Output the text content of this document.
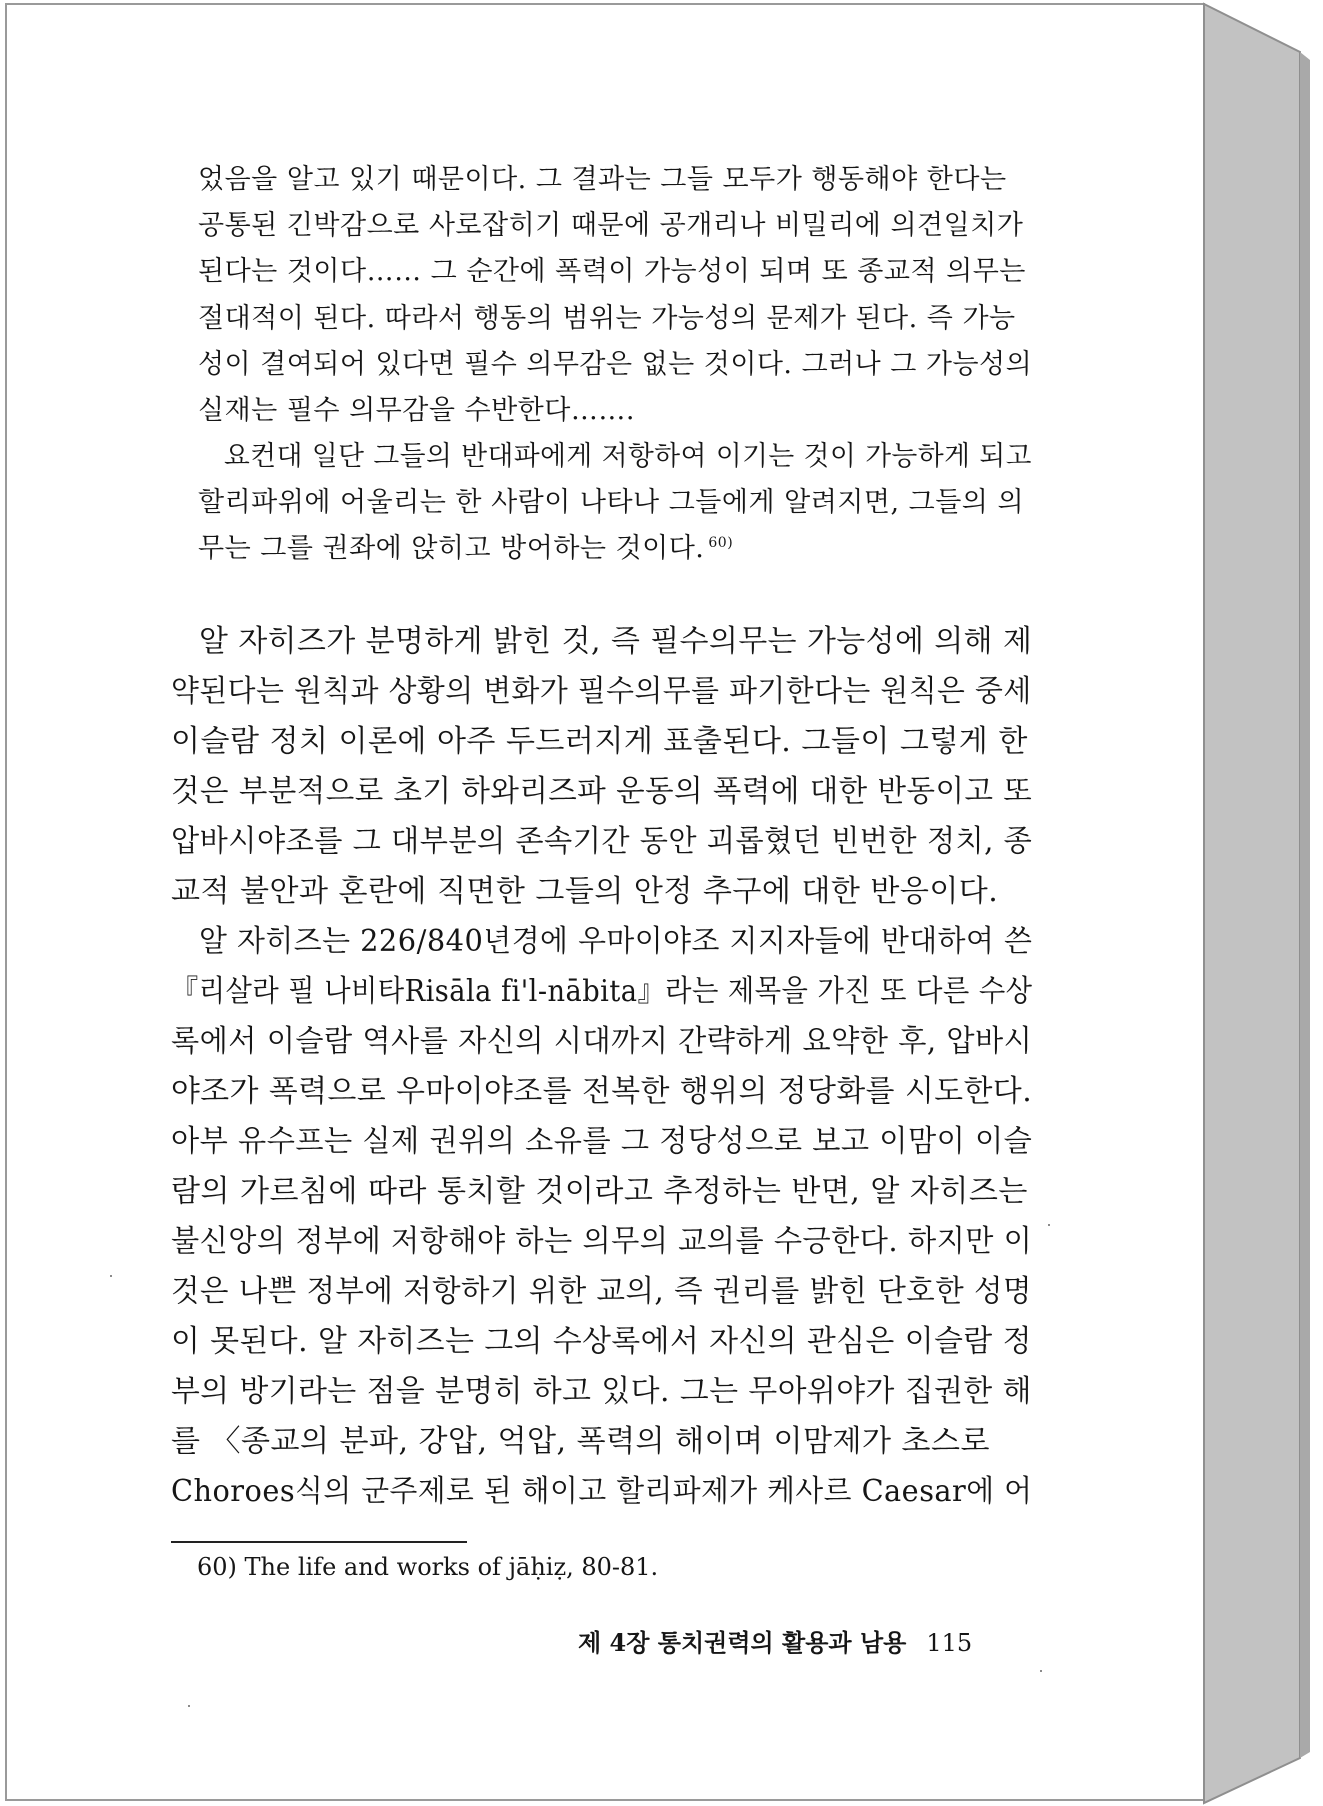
었음을 알고 있기 때문이다. 그 결과는 그들 모두가 행동해야 한다는
공통된 긴박감으로 사로잡히기 때문에 공개리나 비밀리에 의견일치가
된다는 것이다…… 그 순간에 폭력이 가능성이 되며 또 종교적 의무는
절대적이 된다. 따라서 행동의 범위는 가능성의 문제가 된다. 즉 가능
성이 결여되어 있다면 필수 의무감은 없는 것이다. 그러나 그 가능성의
실재는 필수 의무감을 수반한다…….
요컨대 일단 그들의 반대파에게 저항하여 이기는 것이 가능하게 되고
할리파위에 어울리는 한 사람이 나타나 그들에게 알려지면, 그들의 의
무는 그를 권좌에 앉히고 방어하는 것이다. $^{60)}$
알 자히즈가 분명하게 밝힌 것, 즉 필수의무는 가능성에 의해 제
약된다는 원칙과 상황의 변화가 필수의무를 파기한다는 원칙은 중세
이슬람 정치 이론에 아주 두드러지게 표출된다. 그들이 그렇게 한
것은 부분적으로 초기 하와리즈파 운동의 폭력에 대한 반동이고 또
압바시야조를 그 대부분의 존속기간 동안 괴롭혔던 빈번한 정치, 종
교적 불안과 혼란에 직면한 그들의 안정 추구에 대한 반응이다.
알 자히즈는 226/840년경에 우마이야조 지지자들에 반대하여 쓴
『리살라 필 나비타Risāla fi'l-nābita』라는 제목을 가진 또 다른 수상
록에서 이슬람 역사를 자신의 시대까지 간략하게 요약한 후, 압바시
야조가 폭력으로 우마이야조를 전복한 행위의 정당화를 시도한다.
아부 유수프는 실제 권위의 소유를 그 정당성으로 보고 이맘이 이슬
람의 가르침에 따라 통치할 것이라고 추정하는 반면, 알 자히즈는
불신앙의 정부에 저항해야 하는 의무의 교의를 수긍한다. 하지만 이
것은 나쁜 정부에 저항하기 위한 교의, 즉 권리를 밝힌 단호한 성명
이 못된다. 알 자히즈는 그의 수상록에서 자신의 관심은 이슬람 정
부의 방기라는 점을 분명히 하고 있다. 그는 무아위야가 집권한 해
를 〈종교의 분파, 강압, 억압, 폭력의 해이며 이맘제가 초스로
Choroes식의 군주제로 된 해이고 할리파제가 케사르 Caesar에 어
60) The life and works of jāḥiẓ, 80-81.
제 4장 통치권력의 활용과 남용 115
